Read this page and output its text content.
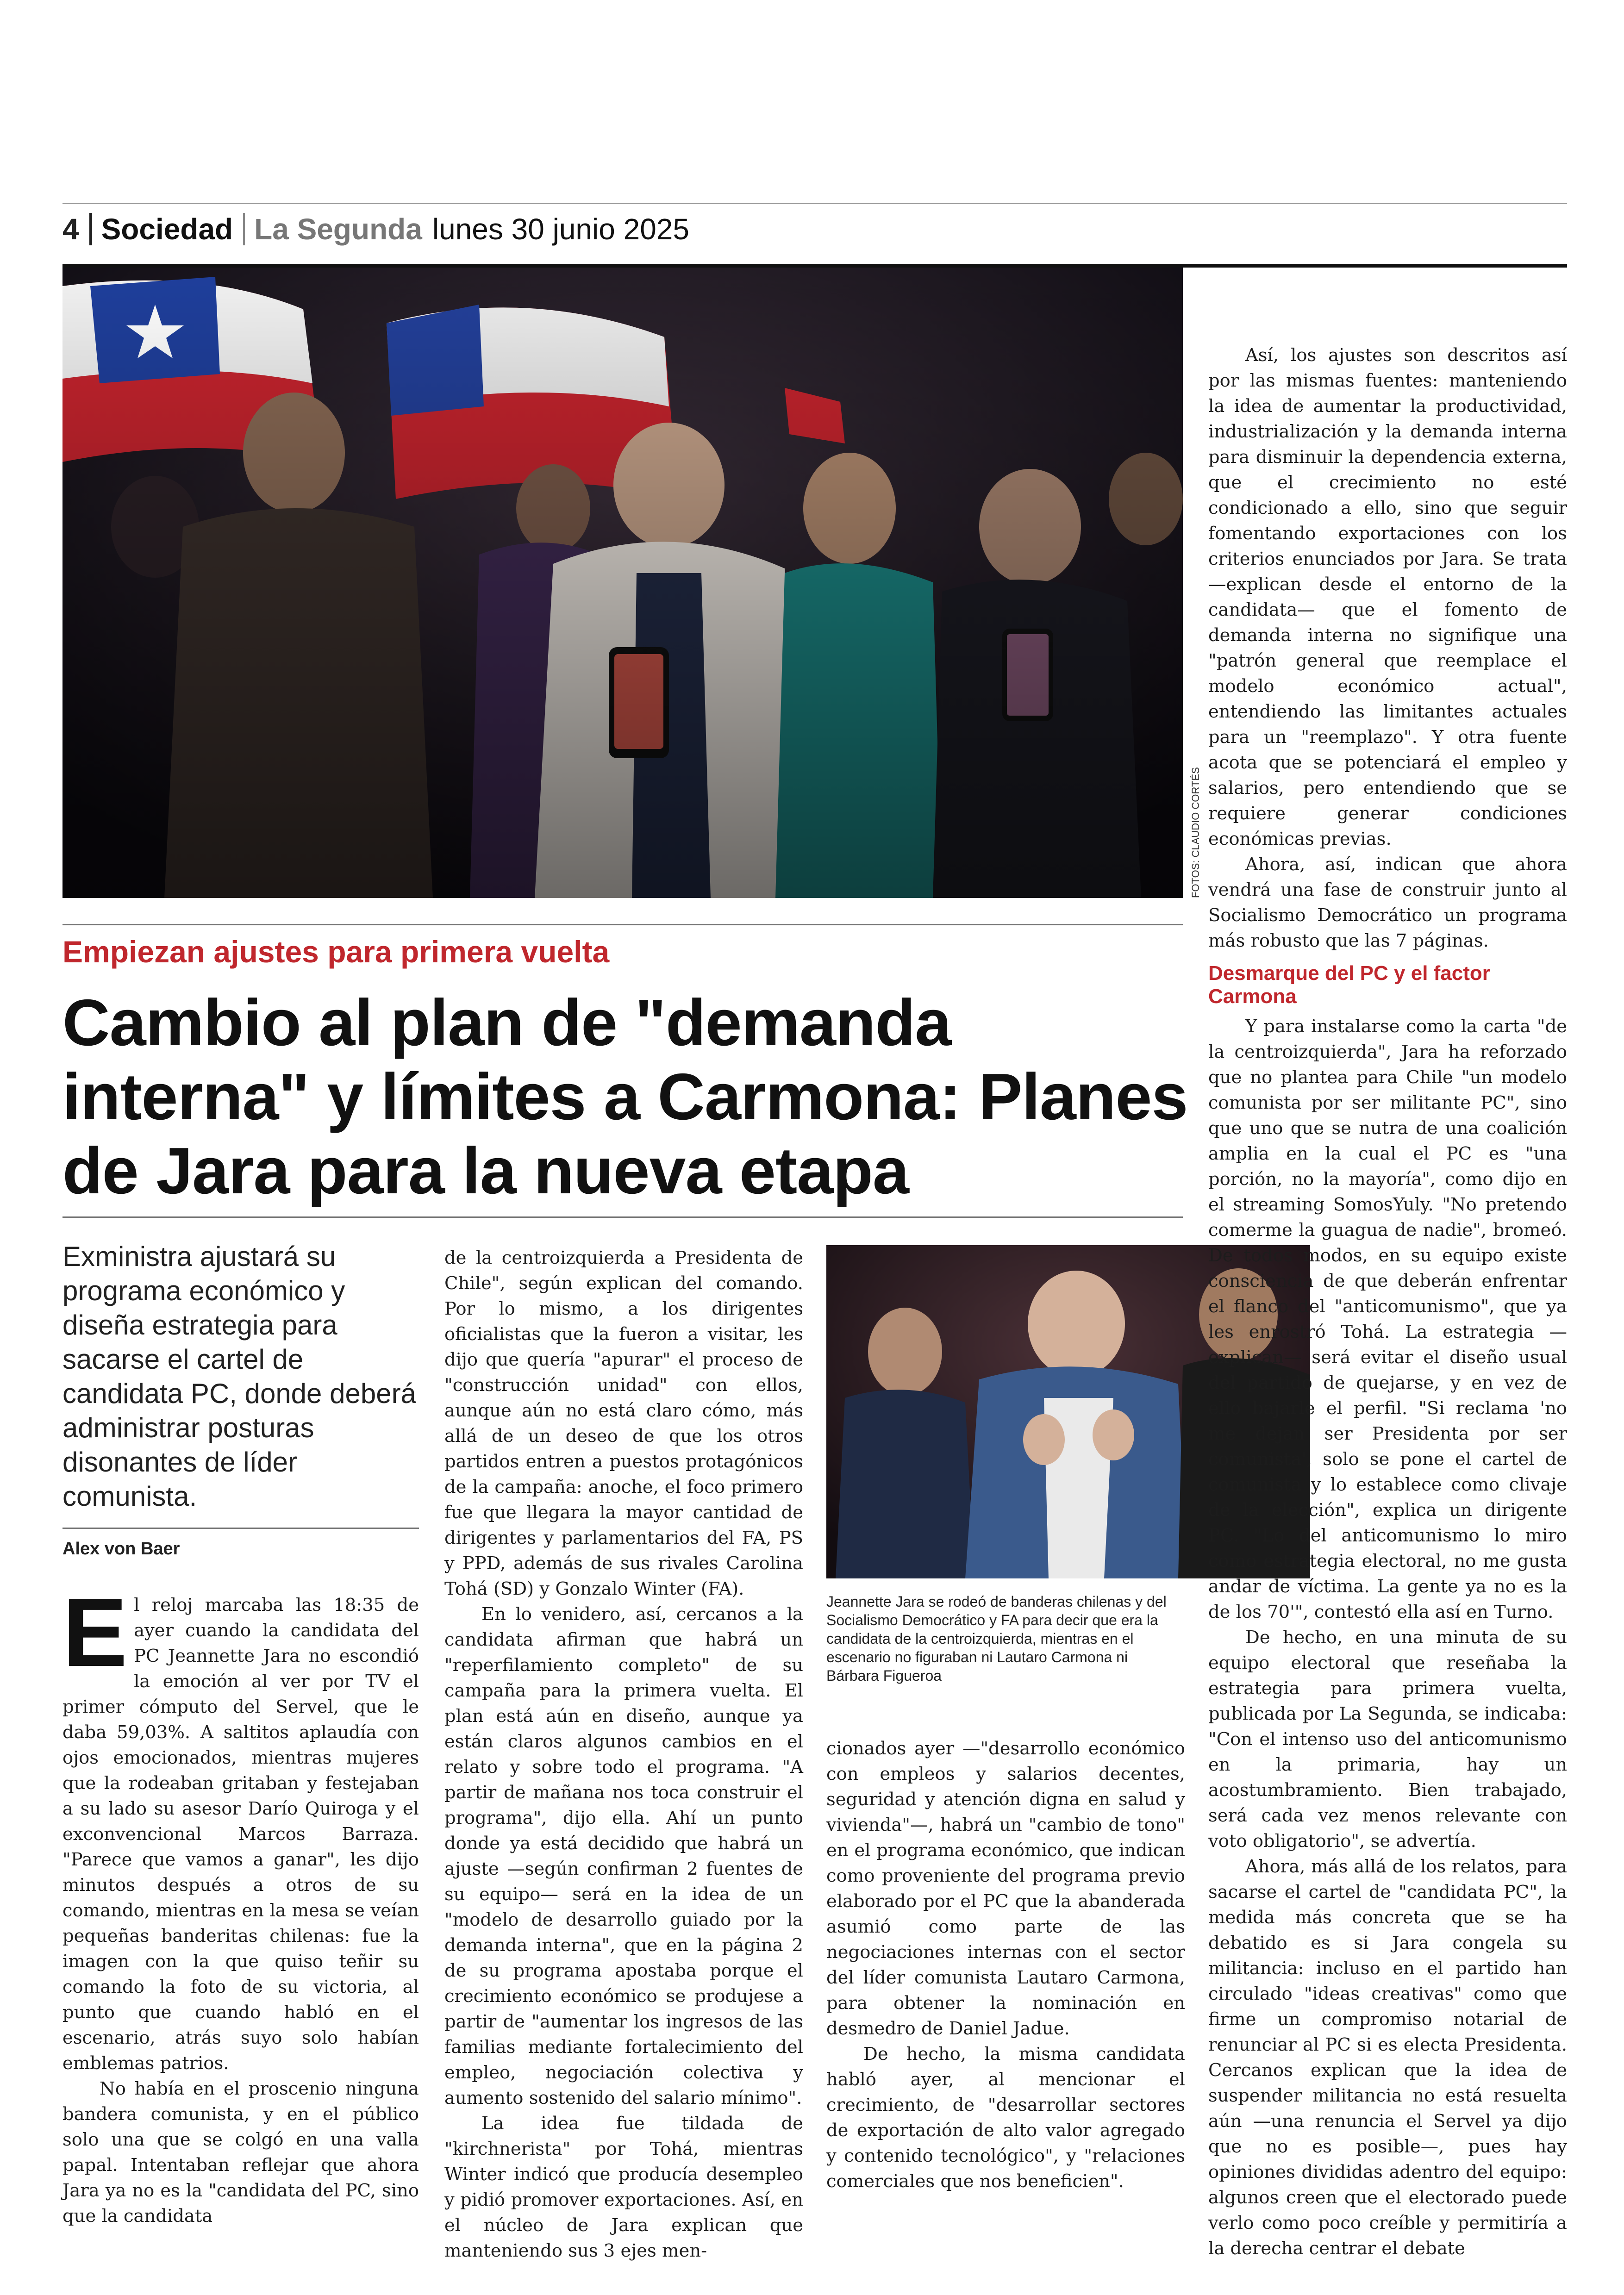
4 Sociedad La Segunda lunes 30 junio 2025
FOTOS: CLAUDIO CORTÉS
Empiezan ajustes para primera vuelta
Cambio al plan de "demanda interna" y límites a Carmona: Planes de Jara para la nueva etapa
Exministra ajustará su programa económico y diseña estrategia para sacarse el cartel de candidata PC, donde deberá administrar posturas disonantes de líder comunista.
Alex von Baer

El reloj marcaba las 18:35 de ayer cuando la candidata del PC Jeannette Jara no escondió la emoción al ver por TV el primer cómputo del Servel, que le daba 59,03%. A saltitos aplaudía con ojos emocionados, mientras mujeres que la rodeaban gritaban y festejaban a su lado su asesor Darío Quiroga y el exconvencional Marcos Barraza. "Parece que vamos a ganar", les dijo minutos después a otros de su comando, mientras en la mesa se veían pequeñas banderitas chilenas: fue la imagen con la que quiso teñir su comando la foto de su victoria, al punto que cuando habló en el escenario, atrás suyo solo habían emblemas patrios.

No había en el proscenio ninguna bandera comunista, y en el público solo una que se colgó en una valla papal. Intentaban reflejar que ahora Jara ya no es la "candidata del PC, sino que la candidata

de la centroizquierda a Presidenta de Chile", según explican del comando. Por lo mismo, a los dirigentes oficialistas que la fueron a visitar, les dijo que quería "apurar" el proceso de "construcción unidad" con ellos, aunque aún no está claro cómo, más allá de un deseo de que los otros partidos entren a puestos protagónicos de la campaña: anoche, el foco primero fue que llegara la mayor cantidad de dirigentes y parlamentarios del FA, PS y PPD, además de sus rivales Carolina Tohá (SD) y Gonzalo Winter (FA).

En lo venidero, así, cercanos a la candidata afirman que habrá un "reperfilamiento completo" de su campaña para la primera vuelta. El plan está aún en diseño, aunque ya están claros algunos cambios en el relato y sobre todo el programa. "A partir de mañana nos toca construir el programa", dijo ella. Ahí un punto donde ya está decidido que habrá un ajuste —según confirman 2 fuentes de su equipo— será en la idea de un "modelo de desarrollo guiado por la demanda interna", que en la página 2 de su programa apostaba porque el crecimiento económico se produjese a partir de "aumentar los ingresos de las familias mediante fortalecimiento del empleo, negociación colectiva y aumento sostenido del salario mínimo".

La idea fue tildada de "kirchnerista" por Tohá, mientras Winter indicó que producía desempleo y pidió promover exportaciones. Así, en el núcleo de Jara explican que manteniendo sus 3 ejes men-

Jeannette Jara se rodeó de banderas chilenas y del Socialismo Democrático y FA para decir que era la candidata de la centroizquierda, mientras en el escenario no figuraban ni Lautaro Carmona ni Bárbara Figueroa

cionados ayer —"desarrollo económico con empleos y salarios decentes, seguridad y atención digna en salud y vivienda"—, habrá un "cambio de tono" en el programa económico, que indican como proveniente del programa previo elaborado por el PC que la abanderada asumió como parte de las negociaciones internas con el sector del líder comunista Lautaro Carmona, para obtener la nominación en desmedro de Daniel Jadue.

De hecho, la misma candidata habló ayer, al mencionar el crecimiento, de "desarrollar sectores de exportación de alto valor agregado y contenido tecnológico", y "relaciones comerciales que nos beneficien".

Así, los ajustes son descritos así por las mismas fuentes: manteniendo la idea de aumentar la productividad, industrialización y la demanda interna para disminuir la dependencia externa, que el crecimiento no esté condicionado a ello, sino que seguir fomentando exportaciones con los criterios enunciados por Jara. Se trata —explican desde el entorno de la candidata— que el fomento de demanda interna no signifique una "patrón general que reemplace el modelo económico actual", entendiendo las limitantes actuales para un "reemplazo". Y otra fuente acota que se potenciará el empleo y salarios, pero entendiendo que se requiere generar condiciones económicas previas.

Ahora, así, indican que ahora vendrá una fase de construir junto al Socialismo Democrático un programa más robusto que las 7 páginas.

Desmarque del PC y el factor Carmona

Y para instalarse como la carta "de la centroizquierda", Jara ha reforzado que no plantea para Chile "un modelo comunista por ser militante PC", sino que uno que se nutra de una coalición amplia en la cual el PC es "una porción, no la mayoría", como dijo en el streaming SomosYuly. "No pretendo comerme la guagua de nadie", bromeó. De todos modos, en su equipo existe consciencia de que deberán enfrentar el flanco del "anticomunismo", que ya les enrostró Tohá. La estrategia —explican— será evitar el diseño usual del partido de quejarse, y en vez de ello bajarle el perfil. "Si reclama 'no me dejan ser Presidenta por ser comunista', solo se pone el cartel de comunista y lo establece como clivaje de la elección", explica un dirigente PC. "Lo del anticomunismo lo miro como estrategia electoral, no me gusta andar de víctima. La gente ya no es la de los 70'", contestó ella así en Turno.

De hecho, en una minuta de su equipo electoral que reseñaba la estrategia para primera vuelta, publicada por La Segunda, se indicaba: "Con el intenso uso del anticomunismo en la primaria, hay un acostumbramiento. Bien trabajado, será cada vez menos relevante con voto obligatorio", se advertía.

Ahora, más allá de los relatos, para sacarse el cartel de "candidata PC", la medida más concreta que se ha debatido es si Jara congela su militancia: incluso en el partido han circulado "ideas creativas" como que firme un compromiso notarial de renunciar al PC si es electa Presidenta. Cercanos explican que la idea de suspender militancia no está resuelta aún —una renuncia el Servel ya dijo que no es posible—, pues hay opiniones divididas adentro del equipo: algunos creen que el electorado puede verlo como poco creíble y permitiría a la derecha centrar el debate
